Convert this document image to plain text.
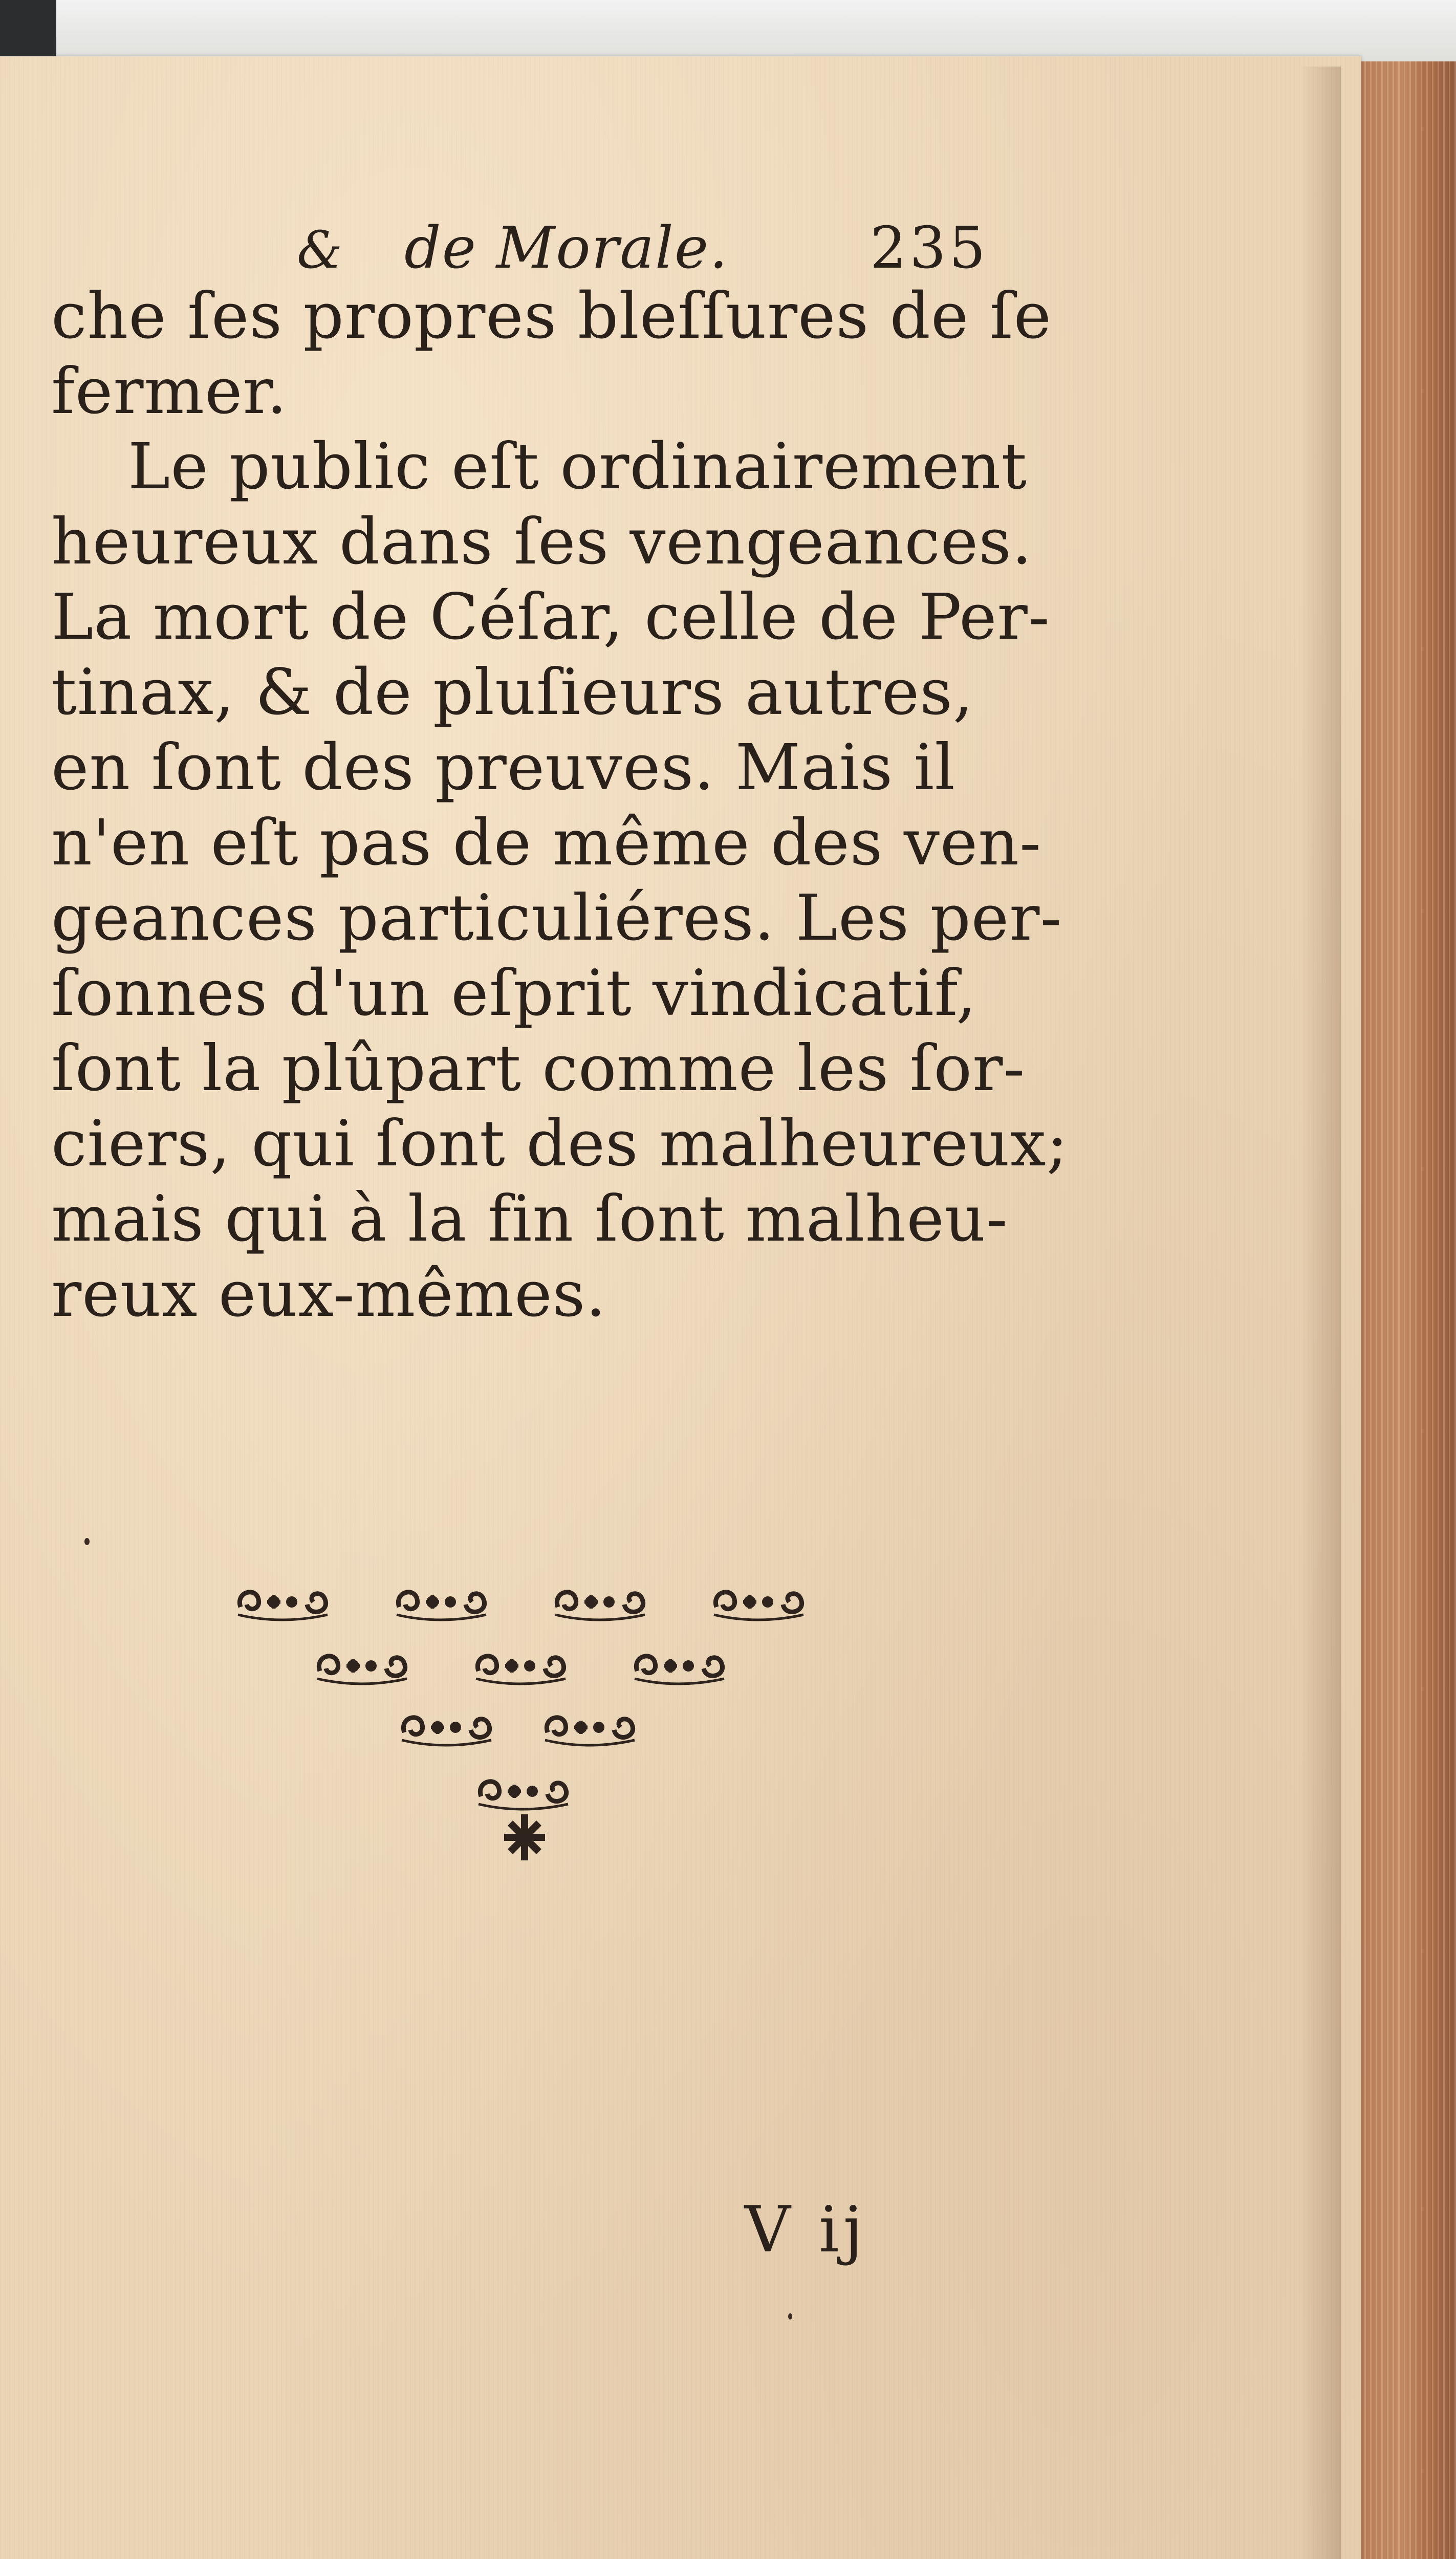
& de Morale. 235
che ſes propres bleſſures de ſe
fermer.
Le public eſt ordinairement
heureux dans ſes vengeances.
La mort de Céſar, celle de Per-
tinax, & de pluſieurs autres,
en ſont des preuves. Mais il
n'en eſt pas de même des ven-
geances particuliéres. Les per-
ſonnes d'un eſprit vindicatif,
ſont la plûpart comme les ſor-
ciers, qui ſont des malheureux;
mais qui à la fin ſont malheu-
reux eux-mêmes.
V ij
